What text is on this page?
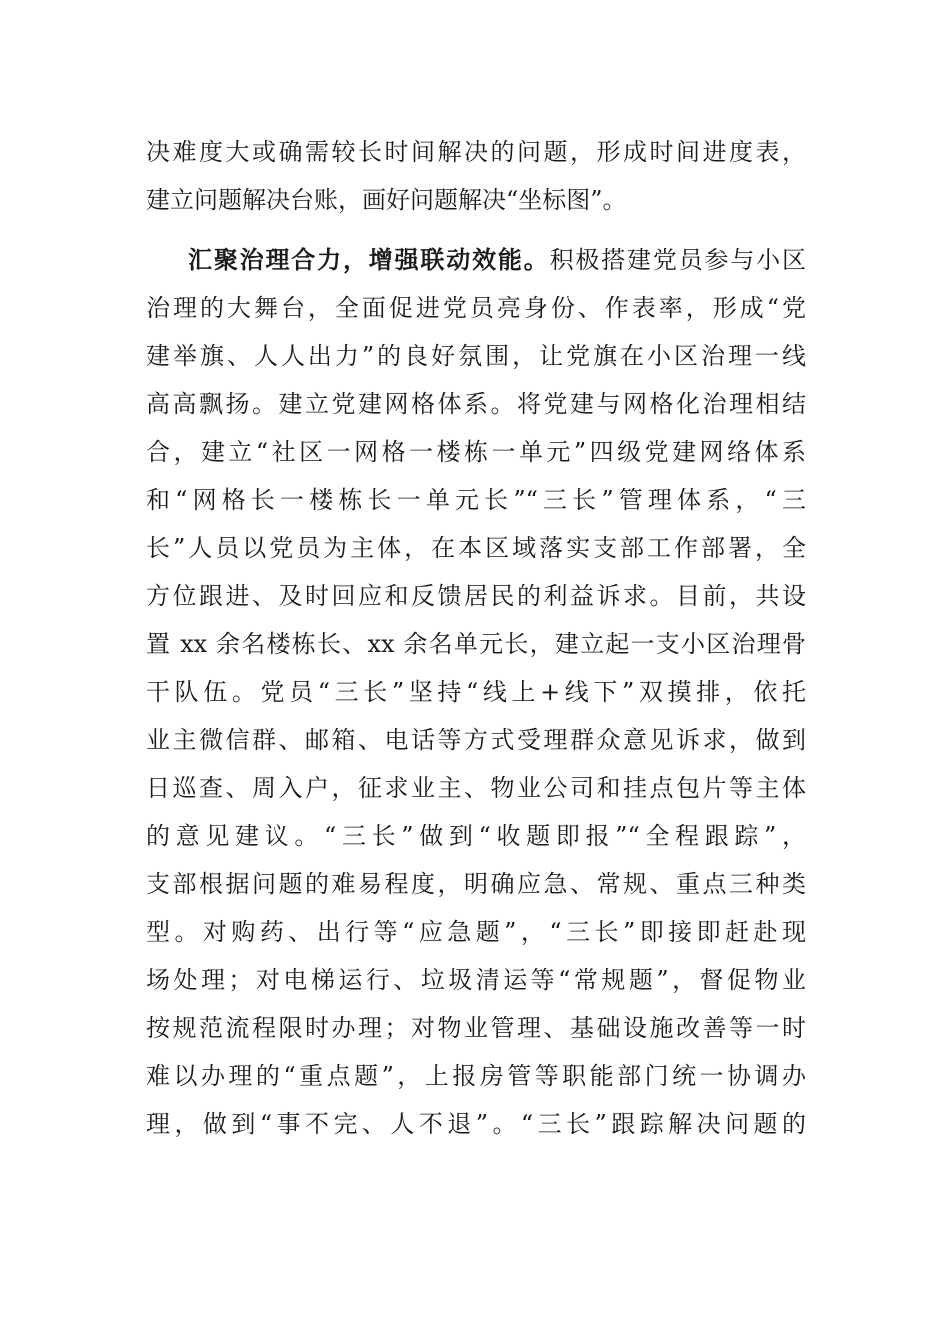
决难度大或确需较长时间解决的问题，形成时间进度表，
建立问题解决台账，画好问题解决“坐标图”。
汇聚治理合力，增强联动效能。积极搭建党员参与小区
治理的大舞台，全面促进党员亮身份、作表率，形成“党
建举旗、人人出力”的良好氛围，让党旗在小区治理一线
高高飘扬。建立党建网格体系。将党建与网格化治理相结
合，建立“社区一网格一楼栋一单元”四级党建网络体系
和“网格长一楼栋长一单元长”“三长”管理体系，“三
长”人员以党员为主体，在本区域落实支部工作部署，全
方位跟进、及时回应和反馈居民的利益诉求。目前，共设
置 xx 余名楼栋长、xx 余名单元长，建立起一支小区治理骨
干队伍。党员“三长”坚持“线上+线下”双摸排，依托
业主微信群、邮箱、电话等方式受理群众意见诉求，做到
日巡查、周入户，征求业主、物业公司和挂点包片等主体
的意见建议。“三长”做到“收题即报”“全程跟踪”，
支部根据问题的难易程度，明确应急、常规、重点三种类
型。对购药、出行等“应急题”，“三长”即接即赶赴现
场处理；对电梯运行、垃圾清运等“常规题”，督促物业
按规范流程限时办理；对物业管理、基础设施改善等一时
难以办理的“重点题”，上报房管等职能部门统一协调办
理，做到“事不完、人不退”。“三长”跟踪解决问题的
